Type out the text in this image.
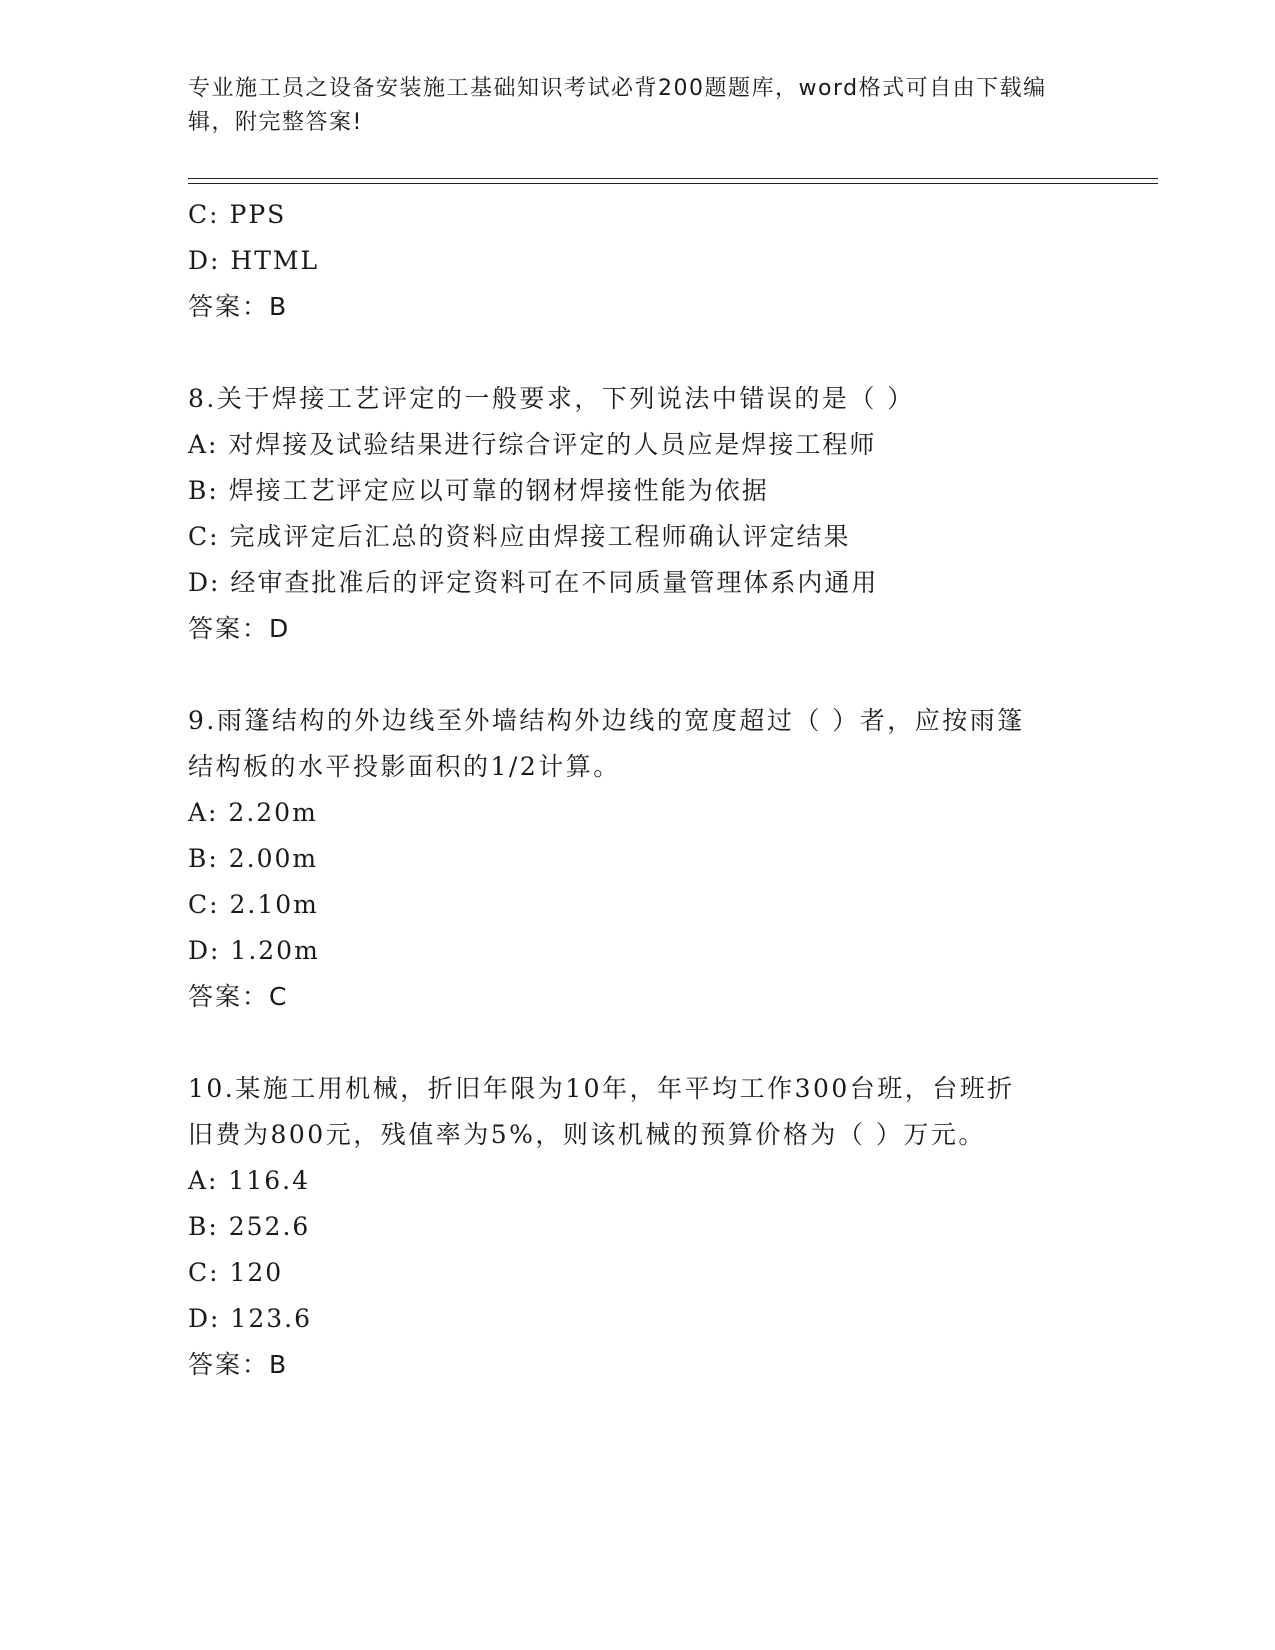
专业施工员之设备安装施工基础知识考试必背200题题库，word格式可自由下载编辑，附完整答案!
C: PPS
D: HTML
答案：B
8.关于焊接工艺评定的一般要求，下列说法中错误的是（ ）
A: 对焊接及试验结果进行综合评定的人员应是焊接工程师
B: 焊接工艺评定应以可靠的钢材焊接性能为依据
C: 完成评定后汇总的资料应由焊接工程师确认评定结果
D: 经审查批准后的评定资料可在不同质量管理体系内通用
答案：D
9.雨篷结构的外边线至外墙结构外边线的宽度超过（ ）者，应按雨篷
结构板的水平投影面积的1/2计算。
A: 2.20m
B: 2.00m
C: 2.10m
D: 1.20m
答案：C
10.某施工用机械，折旧年限为10年，年平均工作300台班，台班折
旧费为800元，残值率为5%，则该机械的预算价格为（ ）万元。
A: 116.4
B: 252.6
C: 120
D: 123.6
答案：B
